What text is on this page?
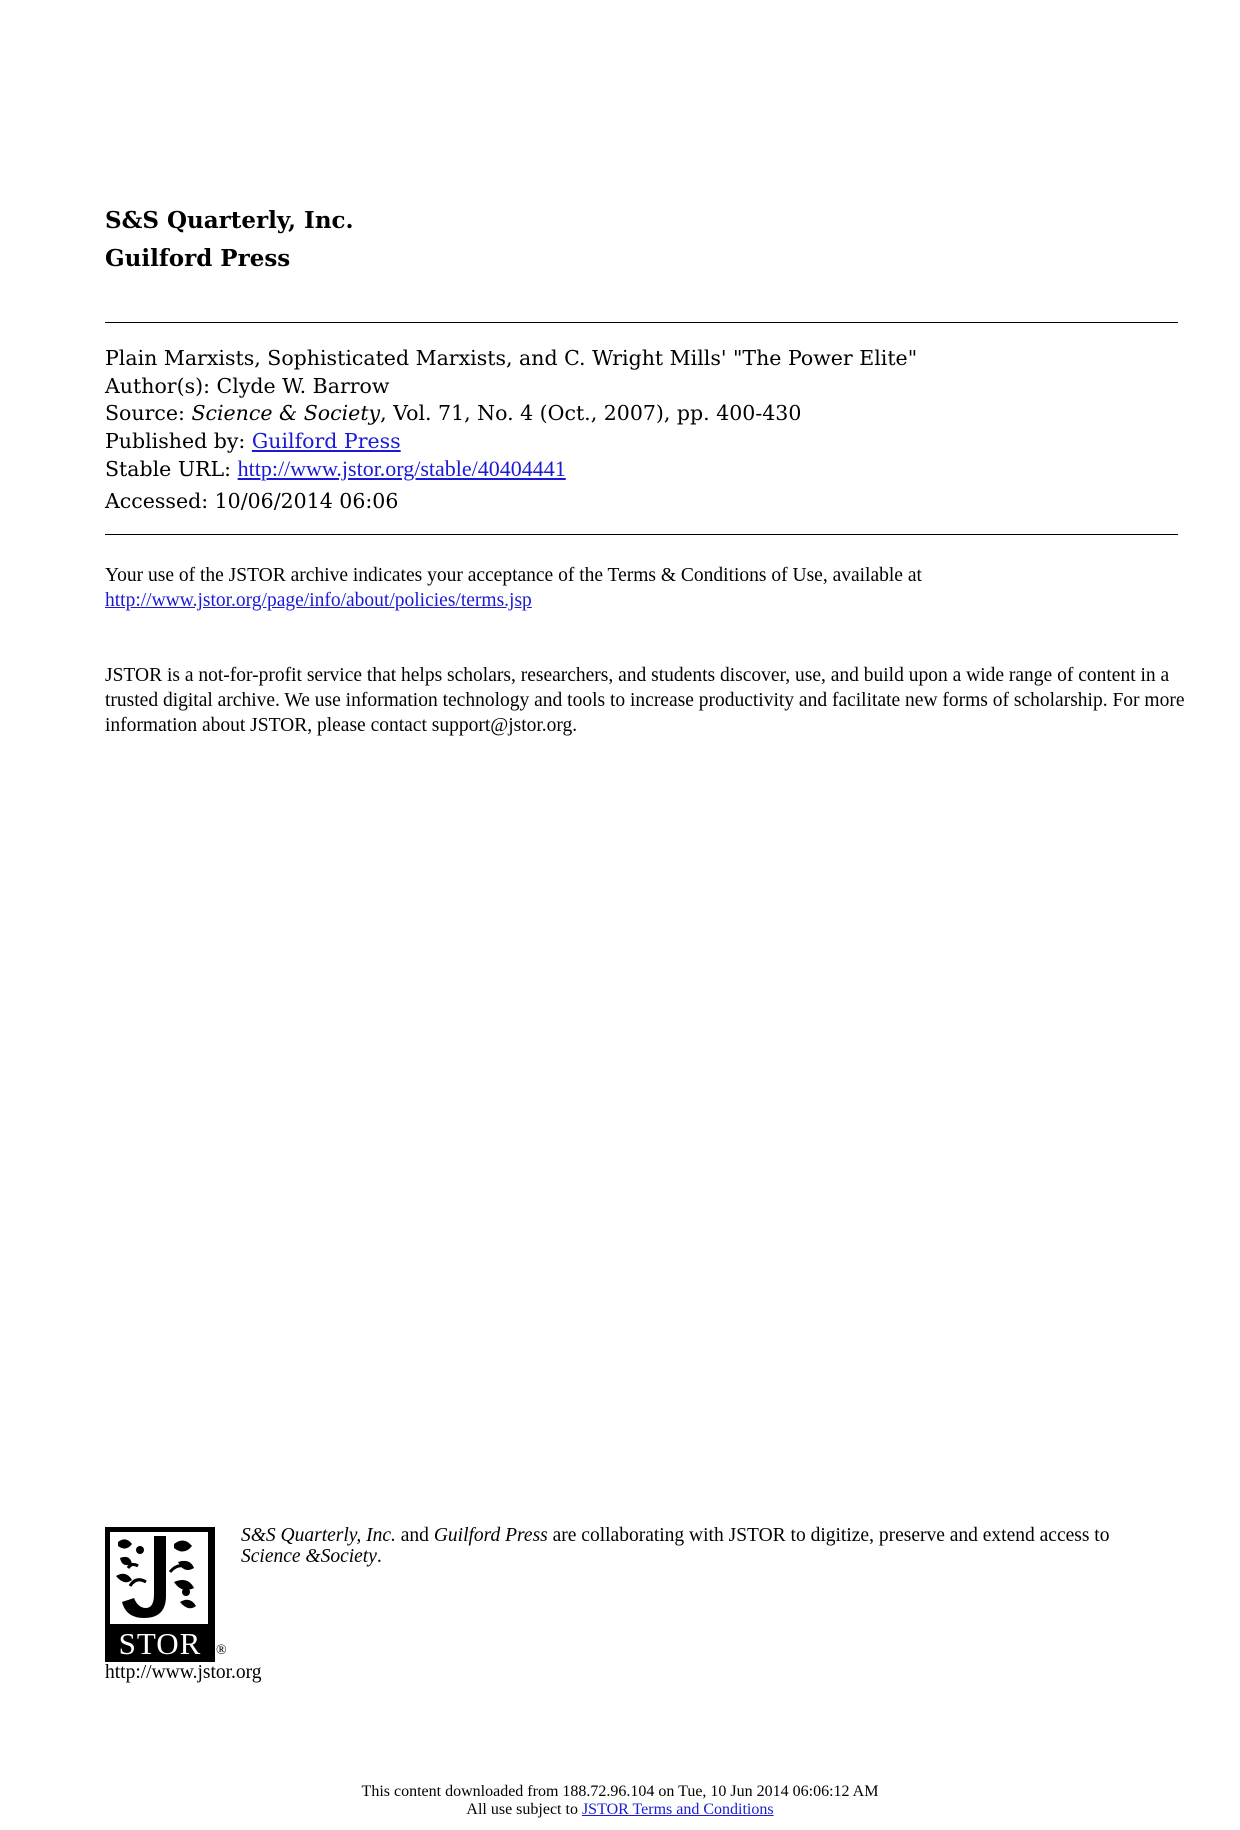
S&S Quarterly, Inc.
Guilford Press
Plain Marxists, Sophisticated Marxists, and C. Wright Mills' "The Power Elite"
Author(s): Clyde W. Barrow
Source: Science & Society, Vol. 71, No. 4 (Oct., 2007), pp. 400-430
Published by: Guilford Press
Stable URL: http://www.jstor.org/stable/40404441
Accessed: 10/06/2014 06:06
Your use of the JSTOR archive indicates your acceptance of the Terms & Conditions of Use, available at
http://www.jstor.org/page/info/about/policies/terms.jsp
JSTOR is a not-for-profit service that helps scholars, researchers, and students discover, use, and build upon a wide range of content in a trusted digital archive. We use information technology and tools to increase productivity and facilitate new forms of scholarship. For more information about JSTOR, please contact support@jstor.org.
STOR	®
http://www.jstor.org
S&S Quarterly, Inc. and Guilford Press are collaborating with JSTOR to digitize, preserve and extend access to
Science &Society.
This content downloaded from 188.72.96.104 on Tue, 10 Jun 2014 06:06:12 AM
All use subject to JSTOR Terms and Conditions
